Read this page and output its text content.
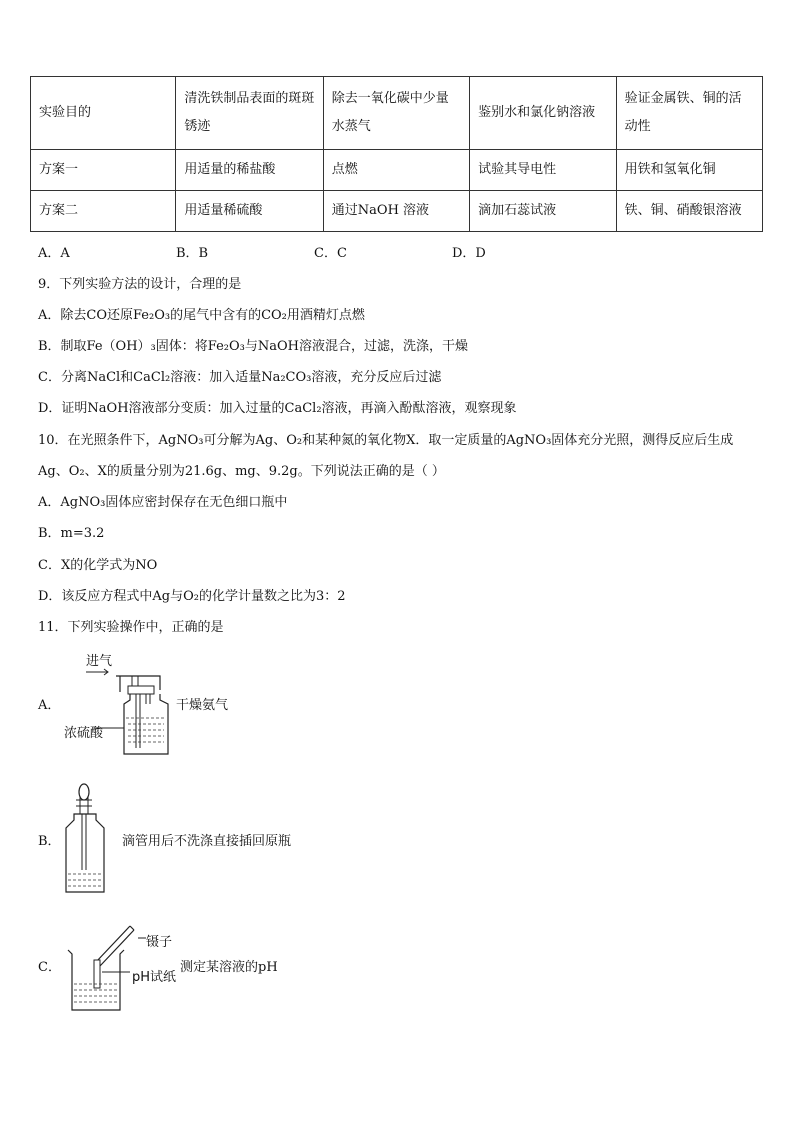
实验目的	清洗铁制品表面的斑斑锈迹	除去一氧化碳中少量水蒸气	鉴别水和氯化钠溶液	验证金属铁、铜的活动性
方案一	用适量的稀盐酸	点燃	试验其导电性	用铁和氢氧化铜
方案二	用适量稀硫酸	通过NaOH 溶液	滴加石蕊试液	铁、铜、硝酸银溶液
A．A	B．B	C．C	D．D
9．下列实验方法的设计，合理的是
A．除去CO还原Fe₂O₃的尾气中含有的CO₂用酒精灯点燃
B．制取Fe（OH）₃固体：将Fe₂O₃与NaOH溶液混合，过滤，洗涤，干燥
C．分离NaCl和CaCl₂溶液：加入适量Na₂CO₃溶液，充分反应后过滤
D．证明NaOH溶液部分变质：加入过量的CaCl₂溶液，再滴入酚酞溶液，观察现象
10．在光照条件下，AgNO₃可分解为Ag、O₂和某种氮的氧化物X．取一定质量的AgNO₃固体充分光照，测得反应后生成
Ag、O₂、X的质量分别为21.6g、mg、9.2g。下列说法正确的是（ ）
A．AgNO₃固体应密封保存在无色细口瓶中
B．m=3.2
C．X的化学式为NO
D．该反应方程式中Ag与O₂的化学计量数之比为3：2
11．下列实验操作中，正确的是
A．
进气
浓硫酸
干燥氨气
B．	滴管用后不洗涤直接插回原瓶
C．
镊子
pH试纸
测定某溶液的pH
